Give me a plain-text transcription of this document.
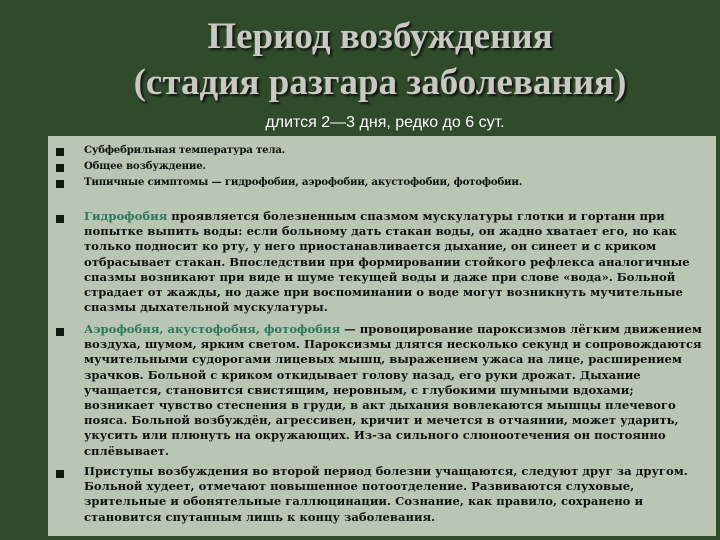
Период возбуждения
(стадия разгара заболевания)
длится 2—3 дня, редко до 6 сут.
Субфебрильная температура тела.
Общее возбуждение.
Типичные симптомы — гидрофобии, аэрофобии, акустофобии, фотофобии.
Гидрофобия проявляется болезненным спазмом мускулатуры глотки и гортани при попытке выпить воды: если больному дать стакан воды, он жадно хватает его, но как только подносит ко рту, у него приостанавливается дыхание, он синеет и с криком отбрасывает стакан. Впоследствии при формировании стойкого рефлекса аналогичные спазмы возникают при виде и шуме текущей воды и даже при слове «вода». Больной страдает от жажды, но даже при воспоминании о воде могут возникнуть мучительные спазмы дыхательной мускулатуры.
Аэрофобия, акустофобия, фотофобия — провоцирование пароксизмов лёгким движением воздуха, шумом, ярким светом. Пароксизмы длятся несколько секунд и сопровождаются мучительными судорогами лицевых мышц, выражением ужаса на лице, расширением зрачков. Больной с криком откидывает голову назад, его руки дрожат. Дыхание учащается, становится свистящим, неровным, с глубокими шумными вдохами; возникает чувство стеснения в груди, в акт дыхания вовлекаются мышцы плечевого пояса. Больной возбуждён, агрессивен, кричит и мечется в отчаянии, может ударить, укусить или плюнуть на окружающих. Из-за сильного слюноотечения он постоянно сплёвывает.
Приступы возбуждения во второй период болезни учащаются, следуют друг за другом. Больной худеет, отмечают повышенное потоотделение. Развиваются слуховые, зрительные и обонятельные галлюцинации. Сознание, как правило, сохранено и становится спутанным лишь к концу заболевания.
